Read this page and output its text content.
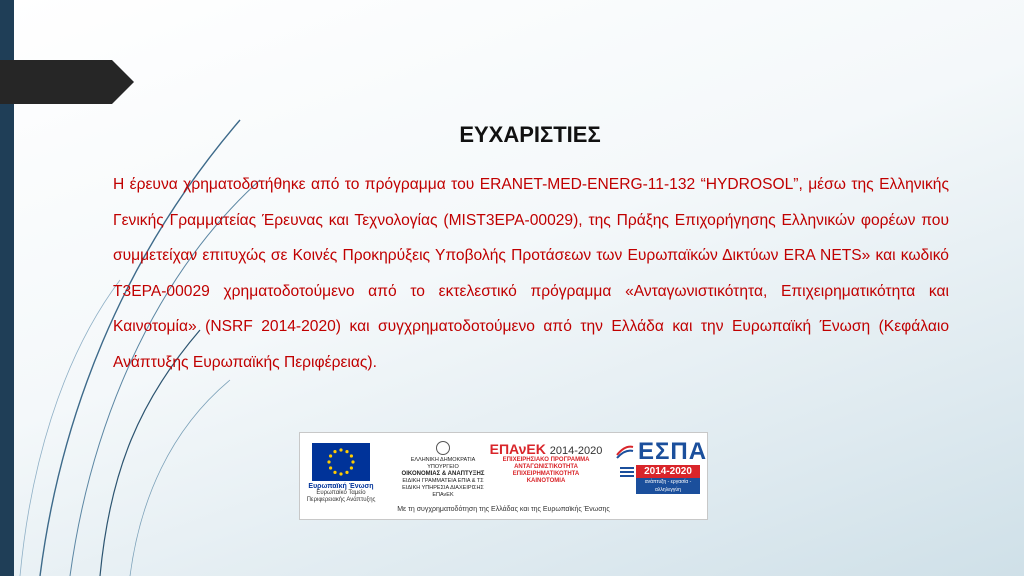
ΕΥΧΑΡΙΣΤΙΕΣ

Η έρευνα χρηματοδοτήθηκε από το πρόγραμμα του ERANET-MED-ENERG-11-132 “HYDROSOL”, μέσω της Ελληνικής Γενικής Γραμματείας Έρευνας και Τεχνολογίας (MIST3EPA-00029), της Πράξης Επιχορήγησης Ελληνικών φορέων που συμμετείχαν επιτυχώς σε Κοινές Προκηρύξεις Υποβολής Προτάσεων των Ευρωπαϊκών Δικτύων ERA NETS» και κωδικό T3EPA-00029 χρηματοδοτούμενο από το εκτελεστικό πρόγραμμα «Ανταγωνιστικότητα, Επιχειρηματικότητα και Καινοτομία» (NSRF 2014-2020) και συγχρηματοδοτούμενο από την Ελλάδα και την Ευρωπαϊκή Ένωση (Κεφάλαιο Ανάπτυξης Ευρωπαϊκής Περιφέρειας).

Ευρωπαϊκή Ένωση
Ευρωπαϊκό Ταμείο
Περιφερειακής Ανάπτυξης
ΕΛΛΗΝΙΚΗ ΔΗΜΟΚΡΑΤΙΑ
ΥΠΟΥΡΓΕΙΟ
ΟΙΚΟΝΟΜΙΑΣ & ΑΝΑΠΤΥΞΗΣ
ΕΙΔΙΚΗ ΓΡΑΜΜΑΤΕΙΑ ΕΠΙΑ & ΤΣ
ΕΙΔΙΚΗ ΥΠΗΡΕΣΙΑ ΔΙΑΧΕΙΡΙΣΗΣ ΕΠΑνΕΚ
ΕΠΑνΕΚ 2014-2020
ΕΠΙΧΕΙΡΗΣΙΑΚΟ ΠΡΟΓΡΑΜΜΑ
ΑΝΤΑΓΩΝΙΣΤΙΚΟΤΗΤΑ
ΕΠΙΧΕΙΡΗΜΑΤΙΚΟΤΗΤΑ
ΚΑΙΝΟΤΟΜΙΑ
ΕΣΠΑ
2014-2020
ανάπτυξη - εργασία - αλληλεγγύη
Με τη συγχρηματοδότηση της Ελλάδας και της Ευρωπαϊκής Ένωσης
